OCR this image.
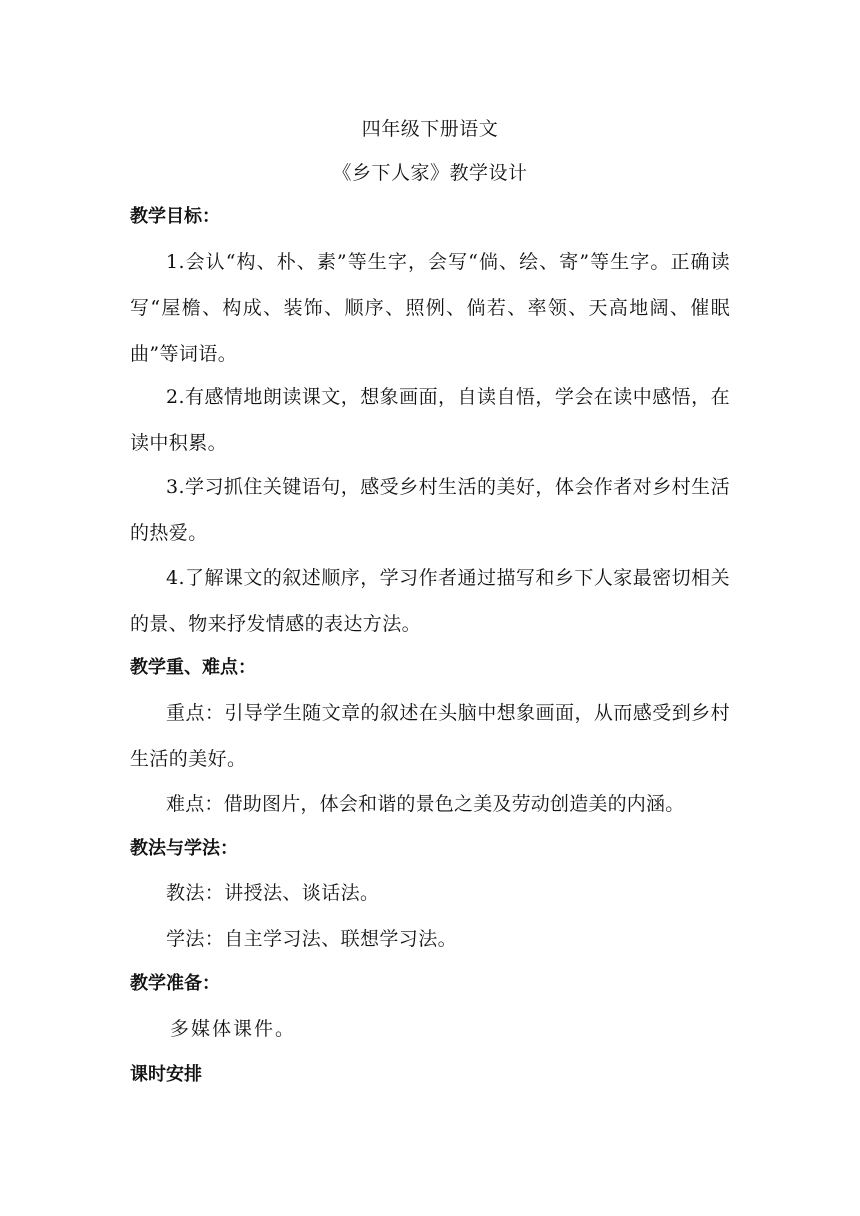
四年级下册语文
《乡下人家》教学设计
教学目标：
1.会认“构、朴、素”等生字，会写“倘、绘、寄”等生字。正确读写“屋檐、构成、装饰、顺序、照例、倘若、率领、天高地阔、催眠曲”等词语。
2.有感情地朗读课文，想象画面，自读自悟，学会在读中感悟，在读中积累。
3.学习抓住关键语句，感受乡村生活的美好，体会作者对乡村生活的热爱。
4.了解课文的叙述顺序，学习作者通过描写和乡下人家最密切相关的景、物来抒发情感的表达方法。
教学重、难点：
重点：引导学生随文章的叙述在头脑中想象画面，从而感受到乡村生活的美好。
难点：借助图片，体会和谐的景色之美及劳动创造美的内涵。
教法与学法：
教法：讲授法、谈话法。
学法：自主学习法、联想学习法。
教学准备：
多媒体课件。
课时安排
